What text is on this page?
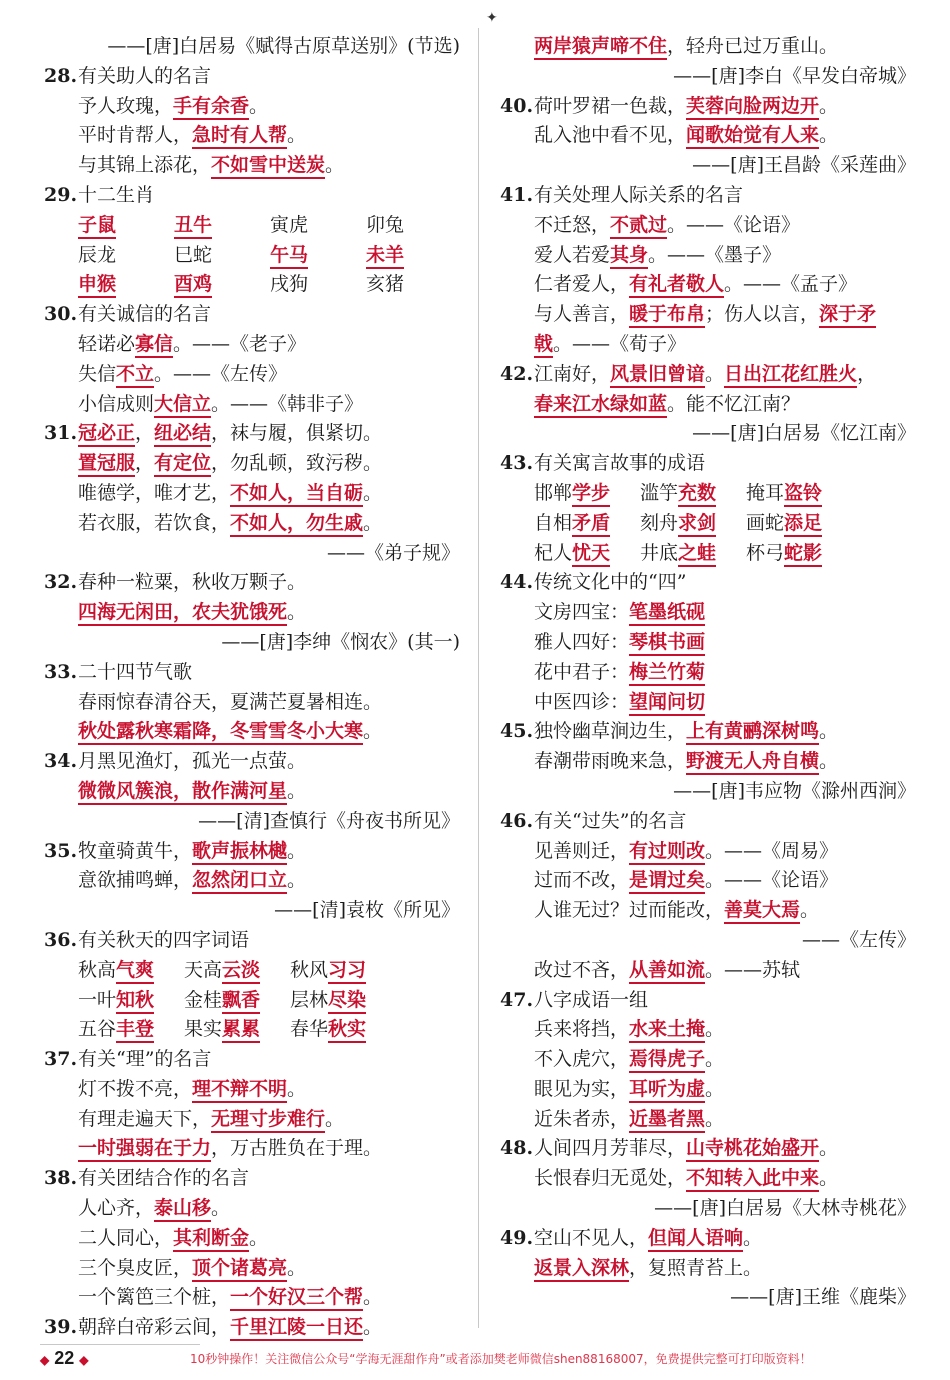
✦
——[唐]白居易《赋得古原草送别》(节选)
28.有关助人的名言
予人玫瑰，手有余香。
平时肯帮人，急时有人帮。
与其锦上添花，不如雪中送炭。
29.十二生肖
子鼠	丑牛	寅虎	卯兔
辰龙	巳蛇	午马	未羊
申猴	酉鸡	戌狗	亥猪
30.有关诚信的名言
轻诺必寡信。——《老子》
失信不立。——《左传》
小信成则大信立。——《韩非子》
31.冠必正，纽必结，袜与履，俱紧切。
置冠服，有定位，勿乱顿，致污秽。
唯德学，唯才艺，不如人，当自砺。
若衣服，若饮食，不如人，勿生戚。
——《弟子规》
32.春种一粒粟，秋收万颗子。
四海无闲田，农夫犹饿死。
——[唐]李绅《悯农》(其一)
33.二十四节气歌
春雨惊春清谷天，夏满芒夏暑相连。
秋处露秋寒霜降，冬雪雪冬小大寒。
34.月黑见渔灯，孤光一点萤。
微微风簇浪，散作满河星。
——[清]查慎行《舟夜书所见》
35.牧童骑黄牛，歌声振林樾。
意欲捕鸣蝉，忽然闭口立。
——[清]袁枚《所见》
36.有关秋天的四字词语
秋高气爽	天高云淡	秋风习习
一叶知秋	金桂飘香	层林尽染
五谷丰登	果实累累	春华秋实
37.有关“理”的名言
灯不拨不亮，理不辩不明。
有理走遍天下，无理寸步难行。
一时强弱在于力，万古胜负在于理。
38.有关团结合作的名言
人心齐，泰山移。
二人同心，其利断金。
三个臭皮匠，顶个诸葛亮。
一个篱笆三个桩，一个好汉三个帮。
39.朝辞白帝彩云间，千里江陵一日还。
两岸猿声啼不住，轻舟已过万重山。
——[唐]李白《早发白帝城》
40.荷叶罗裙一色裁，芙蓉向脸两边开。
乱入池中看不见，闻歌始觉有人来。
——[唐]王昌龄《采莲曲》
41.有关处理人际关系的名言
不迁怒，不贰过。——《论语》
爱人若爱其身。——《墨子》
仁者爱人，有礼者敬人。——《孟子》
与人善言，暖于布帛；伤人以言，深于矛
戟。——《荀子》
42.江南好，风景旧曾谙。日出江花红胜火，
春来江水绿如蓝。能不忆江南？
——[唐]白居易《忆江南》
43.有关寓言故事的成语
邯郸学步	滥竽充数	掩耳盗铃
自相矛盾	刻舟求剑	画蛇添足
杞人忧天	井底之蛙	杯弓蛇影
44.传统文化中的“四”
文房四宝：笔墨纸砚
雅人四好：琴棋书画
花中君子：梅兰竹菊
中医四诊：望闻问切
45.独怜幽草涧边生，上有黄鹂深树鸣。
春潮带雨晚来急，野渡无人舟自横。
——[唐]韦应物《滁州西涧》
46.有关“过失”的名言
见善则迁，有过则改。——《周易》
过而不改，是谓过矣。——《论语》
人谁无过？过而能改，善莫大焉。
——《左传》
改过不吝，从善如流。——苏轼
47.八字成语一组
兵来将挡，水来土掩。
不入虎穴，焉得虎子。
眼见为实，耳听为虚。
近朱者赤，近墨者黑。
48.人间四月芳菲尽，山寺桃花始盛开。
长恨春归无觅处，不知转入此中来。
——[唐]白居易《大林寺桃花》
49.空山不见人，但闻人语响。
返景入深林，复照青苔上。
——[唐]王维《鹿柴》
◆ 22 ◆	10秒钟操作！关注微信公众号“学海无涯甜作舟”或者添加樊老师微信shen88168007，免费提供完整可打印版资料！
